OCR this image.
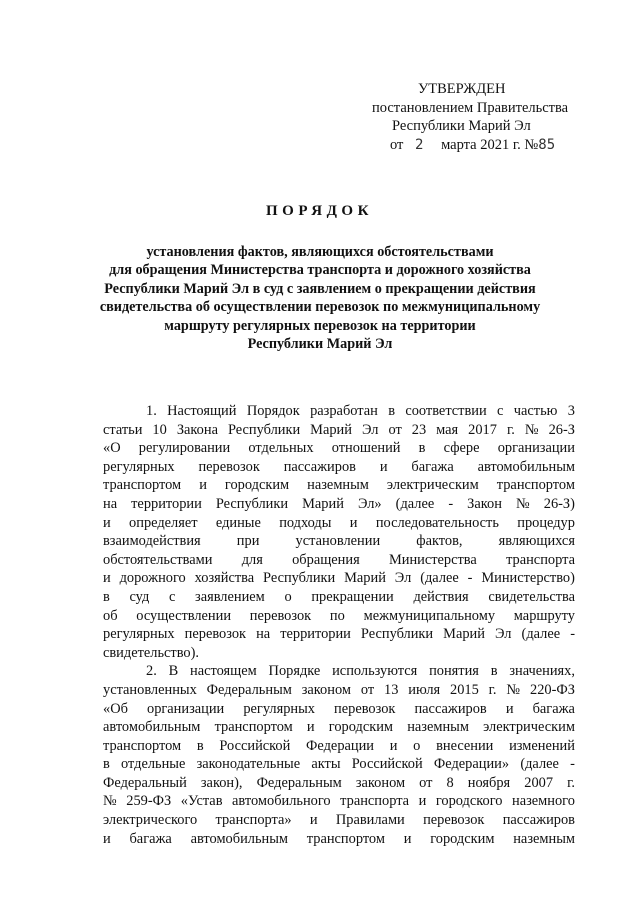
УТВЕРЖДЕН
постановлением Правительства
Республики Марий Эл
от 2 марта 2021 г. №85
ПОРЯДОК
установления фактов, являющихся обстоятельствами
для обращения Министерства транспорта и дорожного хозяйства
Республики Марий Эл в суд с заявлением о прекращении действия
свидетельства об осуществлении перевозок по межмуниципальному
маршруту регулярных перевозок на территории
Республики Марий Эл
1. Настоящий Порядок разработан в соответствии с частью 3
статьи 10 Закона Республики Марий Эл от 23 мая 2017 г. № 26-З
«О регулировании отдельных отношений в сфере организации
регулярных перевозок пассажиров и багажа автомобильным
транспортом и городским наземным электрическим транспортом
на территории Республики Марий Эл» (далее - Закон № 26-З)
и определяет единые подходы и последовательность процедур
взаимодействия	при	установлении	фактов,	являющихся
обстоятельствами для обращения Министерства транспорта
и дорожного хозяйства Республики Марий Эл (далее - Министерство)
в суд с заявлением о прекращении действия свидетельства
об осуществлении перевозок по межмуниципальному маршруту
регулярных перевозок на территории Республики Марий Эл (далее -
свидетельство).
2. В настоящем Порядке используются понятия в значениях,
установленных Федеральным законом от 13 июля 2015 г. № 220-ФЗ
«Об организации регулярных перевозок пассажиров и багажа
автомобильным транспортом и городским наземным электрическим
транспортом в Российской Федерации и о внесении изменений
в отдельные законодательные акты Российской Федерации» (далее -
Федеральный закон), Федеральным законом от 8 ноября 2007 г.
№ 259-ФЗ «Устав автомобильного транспорта и городского наземного
электрического транспорта» и Правилами перевозок пассажиров
и багажа автомобильным транспортом и городским наземным
